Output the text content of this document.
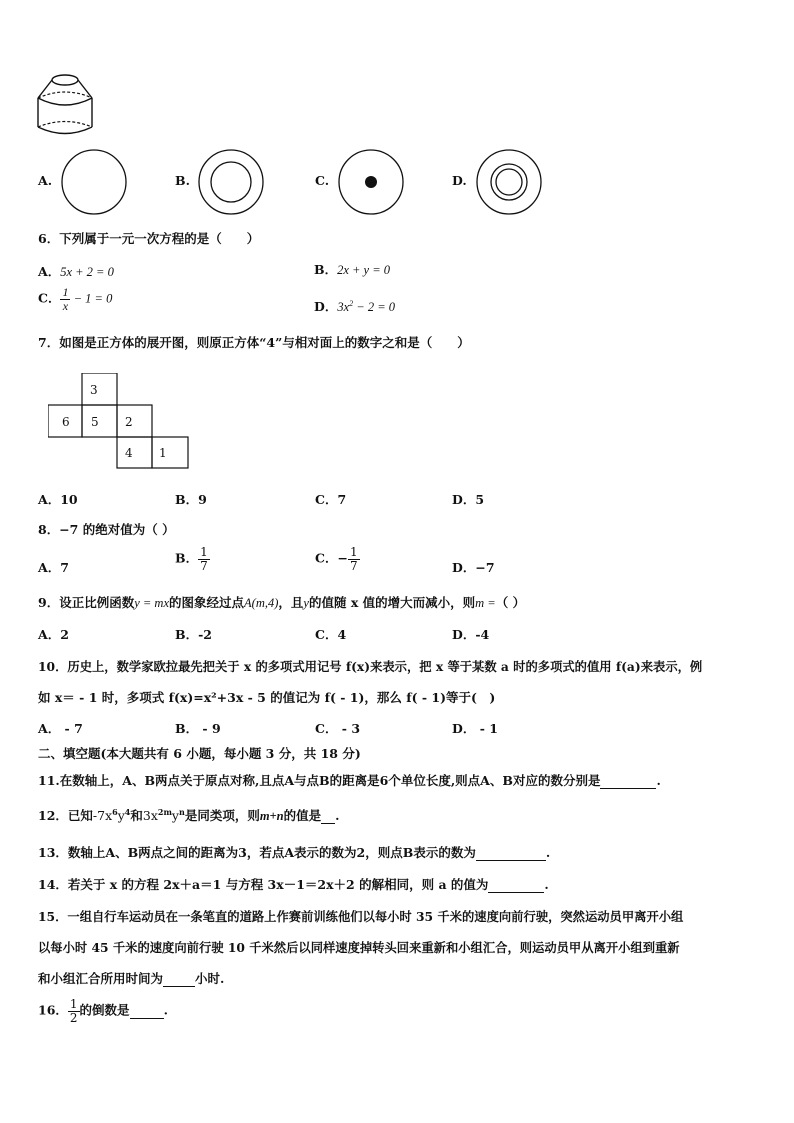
A.	B.	C.	D.
6．下列属于一元一次方程的是（　　）
A．5x + 2 = 0	B．2x + y = 0
C． $\frac{1}{x} - 1 = 0$
D．$3x^2 - 2 = 0$
7．如图是正方体的展开图，则原正方体“4”与相对面上的数字之和是（　　）
3
6 5 2
4 1
A．10	B．9	C．7	D．5
8．−7 的绝对值为（ ）
A．7
B． $\frac{1}{7}$	C．− $\frac{1}{7}$	D．−7
9．设正比例函数y = mx的图象经过点A(m,4)，且y的值随 x 值的增大而减小，则m =（ ）
A．2	B．-2	C．4	D．-4
10．历史上，数学家欧拉最先把关于 x 的多项式用记号 f(x)来表示，把 x 等于某数 a 时的多项式的值用 f(a)来表示，例
如 x＝ - 1 时，多项式 f(x)=x²+3x - 5 的值记为 f( - 1)，那么 f( - 1)等于(　)
A． - 7	B． - 9	C． - 3	D． - 1
二、填空题(本大题共有 6 小题，每小题 3 分，共 18 分)
11.在数轴上，A、B两点关于原点对称,且点A与点B的距离是6个单位长度,则点A、B对应的数分别是	.
12．已知$-7x^6y^4$和$3x^{2m}y^n$是同类项，则m+n的值是 .
13．数轴上A、B两点之间的距离为3，若点A表示的数为2，则点B表示的数为	.
14．若关于 x 的方程 2x＋a＝1 与方程 3x－1＝2x＋2 的解相同，则 a 的值为	.
15．一组自行车运动员在一条笔直的道路上作赛前训练他们以每小时 35 千米的速度向前行驶，突然运动员甲离开小组
以每小时 45 千米的速度向前行驶 10 千米然后以同样速度掉转头回来重新和小组汇合，则运动员甲从离开小组到重新
和小组汇合所用时间为	小时.
16． $\frac{1}{2}$ 的倒数是	.
